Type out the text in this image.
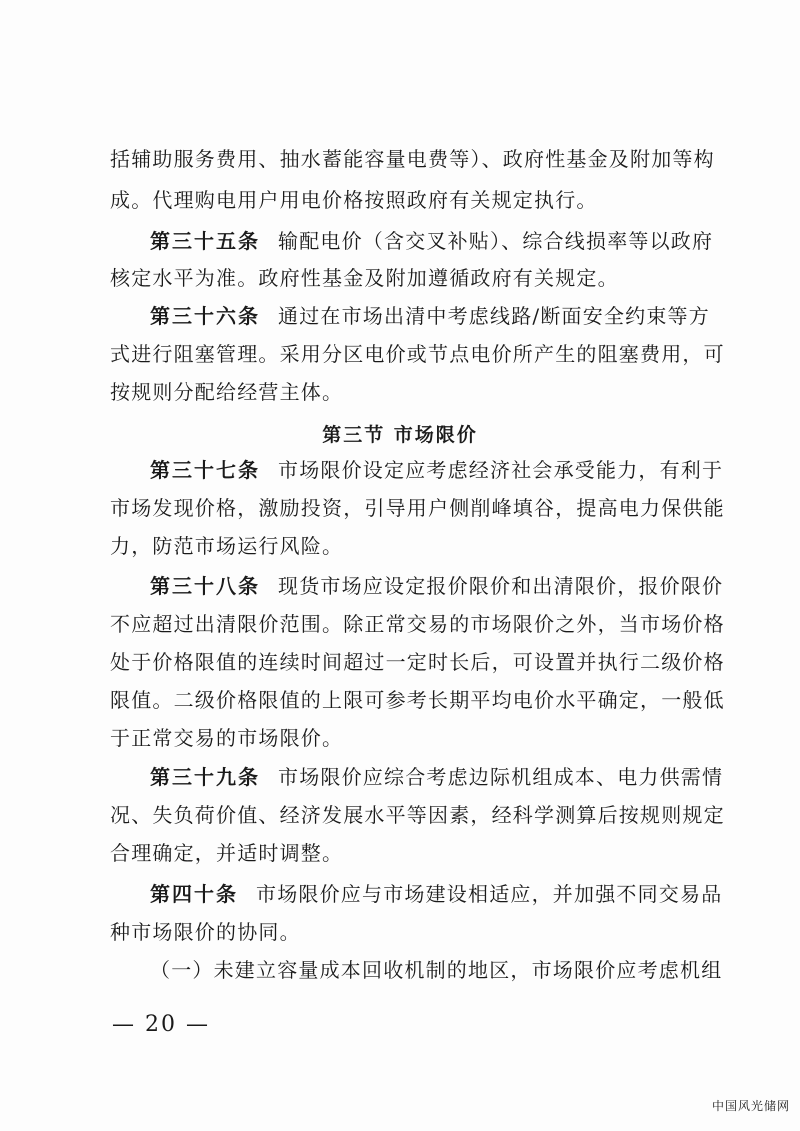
括辅助服务费用、抽水蓄能容量电费等）、政府性基金及附加等构
成。代理购电用户用电价格按照政府有关规定执行。
第三十五条 输配电价（含交叉补贴）、综合线损率等以政府
核定水平为准。政府性基金及附加遵循政府有关规定。
第三十六条 通过在市场出清中考虑线路/断面安全约束等方
式进行阻塞管理。采用分区电价或节点电价所产生的阻塞费用，可
按规则分配给经营主体。
第三节 市场限价
第三十七条 市场限价设定应考虑经济社会承受能力，有利于
市场发现价格，激励投资，引导用户侧削峰填谷，提高电力保供能
力，防范市场运行风险。
第三十八条 现货市场应设定报价限价和出清限价，报价限价
不应超过出清限价范围。除正常交易的市场限价之外，当市场价格
处于价格限值的连续时间超过一定时长后，可设置并执行二级价格
限值。二级价格限值的上限可参考长期平均电价水平确定，一般低
于正常交易的市场限价。
第三十九条 市场限价应综合考虑边际机组成本、电力供需情
况、失负荷价值、经济发展水平等因素，经科学测算后按规则规定
合理确定，并适时调整。
第四十条 市场限价应与市场建设相适应，并加强不同交易品
种市场限价的协同。
（一）未建立容量成本回收机制的地区，市场限价应考虑机组
— 20 —
中国风光储网
